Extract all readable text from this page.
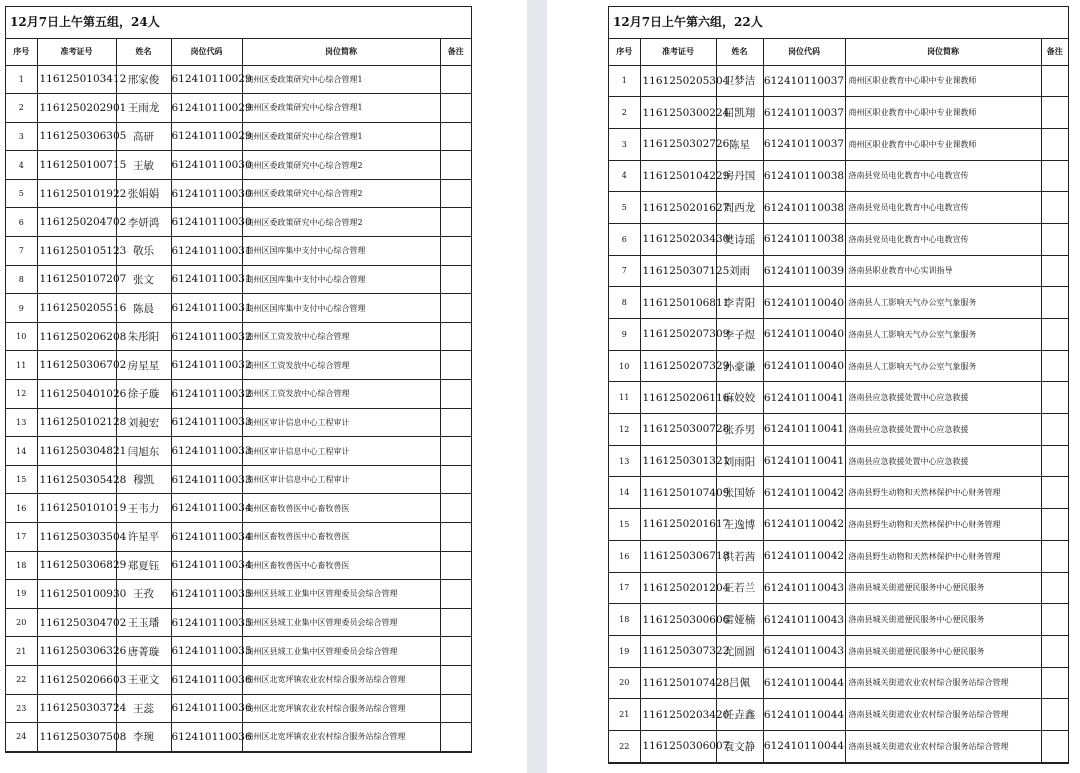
12月7日上午第五组，24人
序号	准考证号	姓名	岗位代码	岗位简称	备注
1	1161250103412	邢家俊	612410110029	商州区委政策研究中心综合管理1	
2	1161250202901	王雨龙	612410110029	商州区委政策研究中心综合管理1	
3	1161250306305	高研	612410110029	商州区委政策研究中心综合管理1	
4	1161250100715	王敏	612410110030	商州区委政策研究中心综合管理2	
5	1161250101922	张娟娟	612410110030	商州区委政策研究中心综合管理2	
6	1161250204702	李妍鸿	612410110030	商州区委政策研究中心综合管理2	
7	1161250105123	敬乐	612410110031	商州区国库集中支付中心综合管理	
8	1161250107207	张文	612410110031	商州区国库集中支付中心综合管理	
9	1161250205516	陈晨	612410110031	商州区国库集中支付中心综合管理	
10	1161250206208	朱彤阳	612410110032	商州区工资发放中心综合管理	
11	1161250306702	房星星	612410110032	商州区工资发放中心综合管理	
12	1161250401026	徐子璇	612410110032	商州区工资发放中心综合管理	
13	1161250102128	刘昶宏	612410110033	商州区审计信息中心工程审计	
14	1161250304821	闫旭东	612410110033	商州区审计信息中心工程审计	
15	1161250305428	穆凯	612410110033	商州区审计信息中心工程审计	
16	1161250101019	王韦力	612410110034	商州区畜牧兽医中心畜牧兽医	
17	1161250303504	许星平	612410110034	商州区畜牧兽医中心畜牧兽医	
18	1161250306829	郑夏钰	612410110034	商州区畜牧兽医中心畜牧兽医	
19	1161250100930	王孜	612410110035	商州区县域工业集中区管理委员会综合管理	
20	1161250304702	王玉璠	612410110035	商州区县域工业集中区管理委员会综合管理	
21	1161250306326	唐菁璇	612410110035	商州区县域工业集中区管理委员会综合管理	
22	1161250206603	王亚文	612410110036	商州区北宽坪镇农业农村综合服务站综合管理	
23	1161250303724	王蕊	612410110036	商州区北宽坪镇农业农村综合服务站综合管理	
24	1161250307508	李琬	612410110036	商州区北宽坪镇农业农村综合服务站综合管理	
12月7日上午第六组，22人
序号	准考证号	姓名	岗位代码	岗位简称	备注
1	1161250205304	卫梦洁	612410110037	商州区职业教育中心职中专业课教师	
2	1161250300224	屈凯翔	612410110037	商州区职业教育中心职中专业课教师	
3	1161250302726	陈星	612410110037	商州区职业教育中心职中专业课教师	
4	1161250104229	房丹国	612410110038	洛南县党员电化教育中心电教宣传	
5	1161250201627	周西龙	612410110038	洛南县党员电化教育中心电教宣传	
6	1161250203430	樊诗瑶	612410110038	洛南县党员电化教育中心电教宣传	
7	1161250307125	刘雨	612410110039	洛南县职业教育中心实训指导	
8	1161250106811	李青阳	612410110040	洛南县人工影响天气办公室气象服务	
9	1161250207309	李子煜	612410110040	洛南县人工影响天气办公室气象服务	
10	1161250207329	孙豪谦	612410110040	洛南县人工影响天气办公室气象服务	
11	1161250206116	麻姣姣	612410110041	洛南县应急救援处置中心应急救援	
12	1161250300728	张乔男	612410110041	洛南县应急救援处置中心应急救援	
13	1161250301321	刘雨阳	612410110041	洛南县应急救援处置中心应急救援	
14	1161250107409	张国娇	612410110042	洛南县野生动物和天然林保护中心财务管理	
15	1161250201617	王逸博	612410110042	洛南县野生动物和天然林保护中心财务管理	
16	1161250306718	洪若茜	612410110042	洛南县野生动物和天然林保护中心财务管理	
17	1161250201204	王若兰	612410110043	洛南县城关街道便民服务中心便民服务	
18	1161250300606	雷娅楠	612410110043	洛南县城关街道便民服务中心便民服务	
19	1161250307322	尤圆圆	612410110043	洛南县城关街道便民服务中心便民服务	
20	1161250107428	吕佩	612410110044	洛南县城关街道农业农村综合服务站综合管理	
21	1161250203420	任垚鑫	612410110044	洛南县城关街道农业农村综合服务站综合管理	
22	1161250306007	袁文静	612410110044	洛南县城关街道农业农村综合服务站综合管理	
